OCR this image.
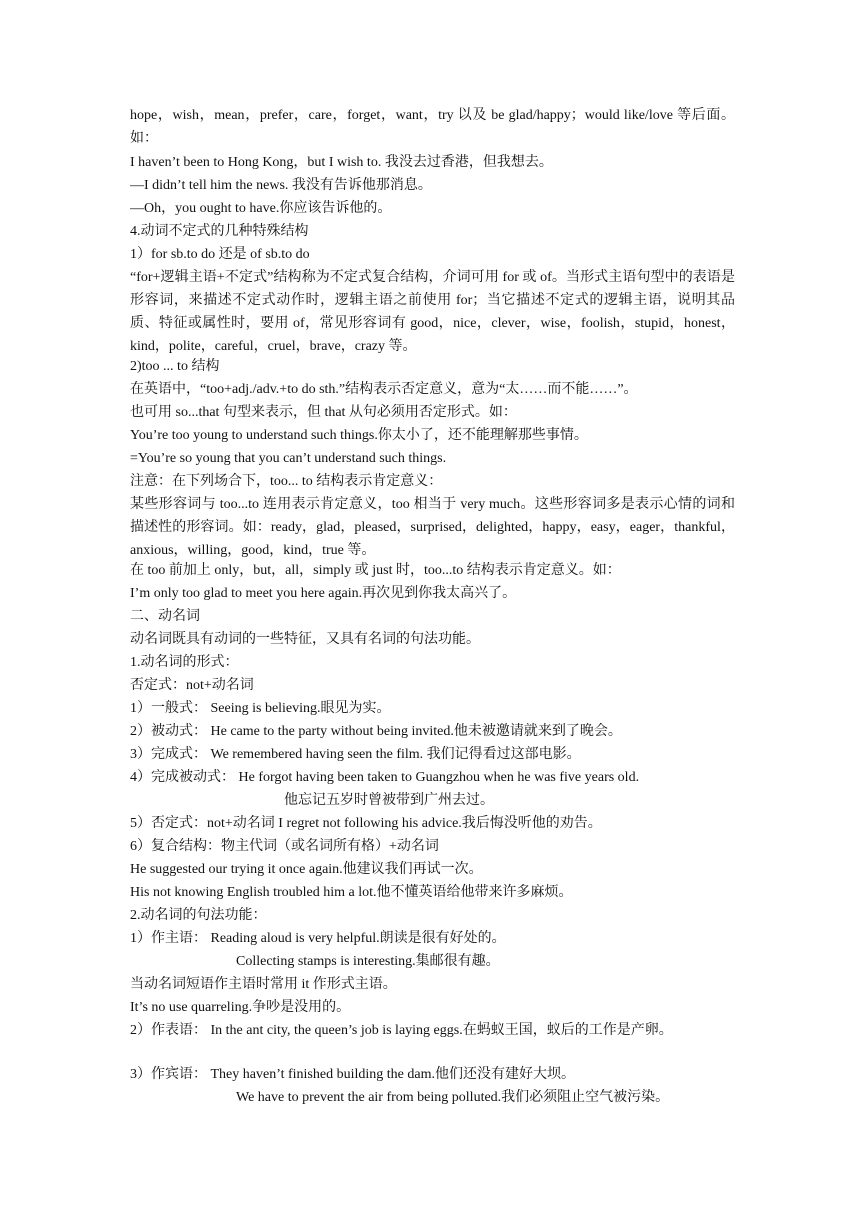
hope，wish，mean，prefer，care，forget，want，try 以及 be glad/happy；would like/love 等后面。如：
I haven’t been to Hong Kong，but I wish to. 我没去过香港，但我想去。
—I didn’t tell him the news. 我没有告诉他那消息。
—Oh，you ought to have.你应该告诉他的。
4.动词不定式的几种特殊结构
1）for sb.to do 还是 of sb.to do
“for+逻辑主语+不定式”结构称为不定式复合结构，介词可用 for 或 of。当形式主语句型中的表语是形容词，来描述不定式动作时，逻辑主语之前使用 for；当它描述不定式的逻辑主语，说明其品质、特征或属性时，要用 of，常见形容词有 good，nice，clever，wise，foolish，stupid，honest，kind，polite，careful，cruel，brave，crazy 等。
2)too ... to 结构
在英语中，“too+adj./adv.+to do sth.”结构表示否定意义，意为“太……而不能……”。
也可用 so...that 句型来表示，但 that 从句必须用否定形式。如：
You’re too young to understand such things.你太小了，还不能理解那些事情。
=You’re so young that you can’t understand such things.
注意：在下列场合下，too... to 结构表示肯定意义：
某些形容词与 too...to 连用表示肯定意义，too 相当于 very much。这些形容词多是表示心情的词和描述性的形容词。如：ready，glad，pleased，surprised，delighted，happy，easy，eager，thankful，anxious，willing，good，kind，true 等。
在 too 前加上 only，but，all，simply 或 just 时，too...to 结构表示肯定意义。如：
I’m only too glad to meet you here again.再次见到你我太高兴了。
二、动名词
动名词既具有动词的一些特征，又具有名词的句法功能。
1.动名词的形式：
否定式：not+动名词
1）一般式： Seeing is believing.眼见为实。
2）被动式： He came to the party without being invited.他未被邀请就来到了晚会。
3）完成式： We remembered having seen the film. 我们记得看过这部电影。
4）完成被动式： He forgot having been taken to Guangzhou when he was five years old.
他忘记五岁时曾被带到广州去过。
5）否定式：not+动名词 I regret not following his advice.我后悔没听他的劝告。
6）复合结构：物主代词（或名词所有格）+动名词
He suggested our trying it once again.他建议我们再试一次。
His not knowing English troubled him a lot.他不懂英语给他带来许多麻烦。
2.动名词的句法功能：
1）作主语： Reading aloud is very helpful.朗读是很有好处的。
Collecting stamps is interesting.集邮很有趣。
当动名词短语作主语时常用 it 作形式主语。
It’s no use quarreling.争吵是没用的。
2）作表语： In the ant city, the queen’s job is laying eggs.在蚂蚁王国，蚁后的工作是产卵。
3）作宾语： They haven’t finished building the dam.他们还没有建好大坝。
We have to prevent the air from being polluted.我们必须阻止空气被污染。
